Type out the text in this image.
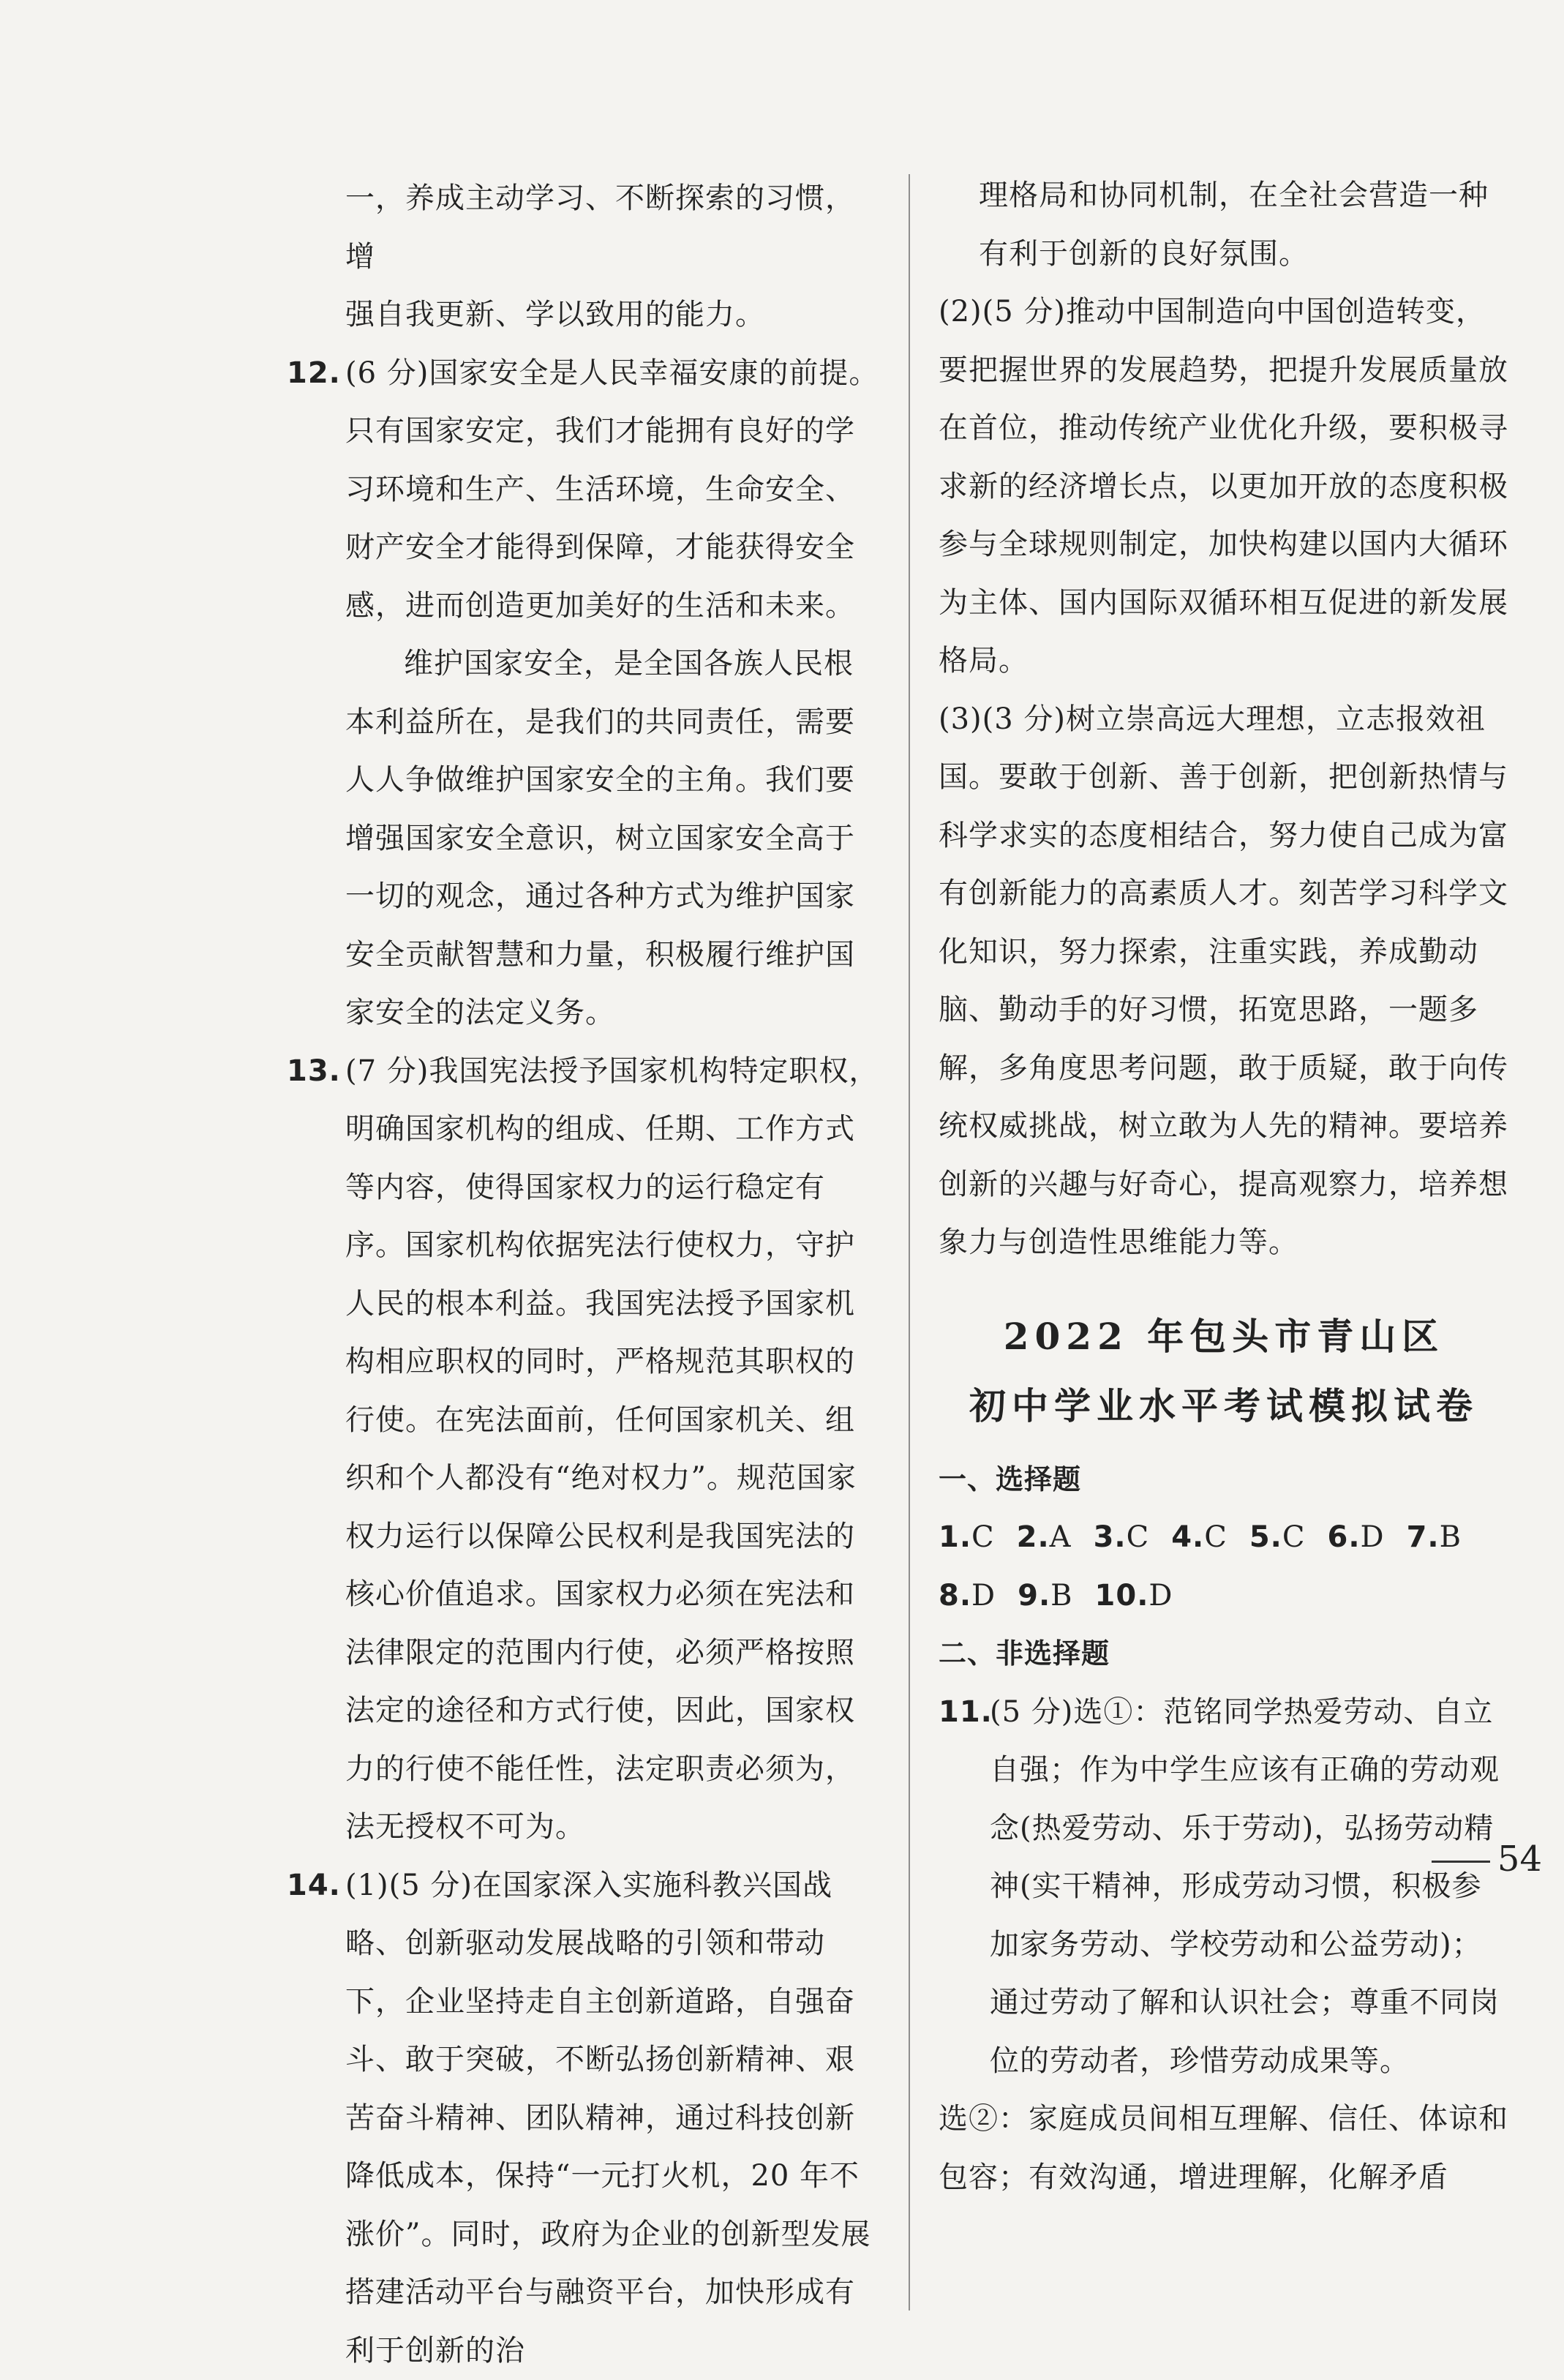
一，养成主动学习、不断探索的习惯，增

强自我更新、学以致用的能力。

12. (6 分)国家安全是人民幸福安康的前提。只有国家安定，我们才能拥有良好的学习环境和生产、生活环境，生命安全、财产安全才能得到保障，才能获得安全感，进而创造更加美好的生活和未来。

维护国家安全，是全国各族人民根本利益所在，是我们的共同责任，需要人人争做维护国家安全的主角。我们要增强国家安全意识，树立国家安全高于一切的观念，通过各种方式为维护国家安全贡献智慧和力量，积极履行维护国家安全的法定义务。

13. (7 分)我国宪法授予国家机构特定职权，明确国家机构的组成、任期、工作方式等内容，使得国家权力的运行稳定有序。国家机构依据宪法行使权力，守护人民的根本利益。我国宪法授予国家机构相应职权的同时，严格规范其职权的行使。在宪法面前，任何国家机关、组织和个人都没有“绝对权力”。规范国家权力运行以保障公民权利是我国宪法的核心价值追求。国家权力必须在宪法和法律限定的范围内行使，必须严格按照法定的途径和方式行使，因此，国家权力的行使不能任性，法定职责必须为，法无授权不可为。

14. (1)(5 分)在国家深入实施科教兴国战略、创新驱动发展战略的引领和带动下，企业坚持走自主创新道路，自强奋斗、敢于突破，不断弘扬创新精神、艰苦奋斗精神、团队精神，通过科技创新降低成本，保持“一元打火机，20 年不涨价”。同时，政府为企业的创新型发展搭建活动平台与融资平台，加快形成有利于创新的治

理格局和协同机制，在全社会营造一种有利于创新的良好氛围。

(2)(5 分)推动中国制造向中国创造转变，要把握世界的发展趋势，把提升发展质量放在首位，推动传统产业优化升级，要积极寻求新的经济增长点，以更加开放的态度积极参与全球规则制定，加快构建以国内大循环为主体、国内国际双循环相互促进的新发展格局。

(3)(3 分)树立崇高远大理想，立志报效祖国。要敢于创新、善于创新，把创新热情与科学求实的态度相结合，努力使自己成为富有创新能力的高素质人才。刻苦学习科学文化知识，努力探索，注重实践，养成勤动脑、勤动手的好习惯，拓宽思路，一题多解，多角度思考问题，敢于质疑，敢于向传统权威挑战，树立敢为人先的精神。要培养创新的兴趣与好奇心，提高观察力，培养想象力与创造性思维能力等。

2022 年包头市青山区
初中学业水平考试模拟试卷

一、选择题

1.C 2.A 3.C 4.C 5.C 6.D 7.B
8.D 9.B 10.D

二、非选择题

11.

(5 分)选①：范铭同学热爱劳动、自立自强；作为中学生应该有正确的劳动观念(热爱劳动、乐于劳动)，弘扬劳动精神(实干精神，形成劳动习惯，积极参加家务劳动、学校劳动和公益劳动)；通过劳动了解和认识社会；尊重不同岗位的劳动者，珍惜劳动成果等。

选②：家庭成员间相互理解、信任、体谅和包容；有效沟通，增进理解，化解矛盾

54
